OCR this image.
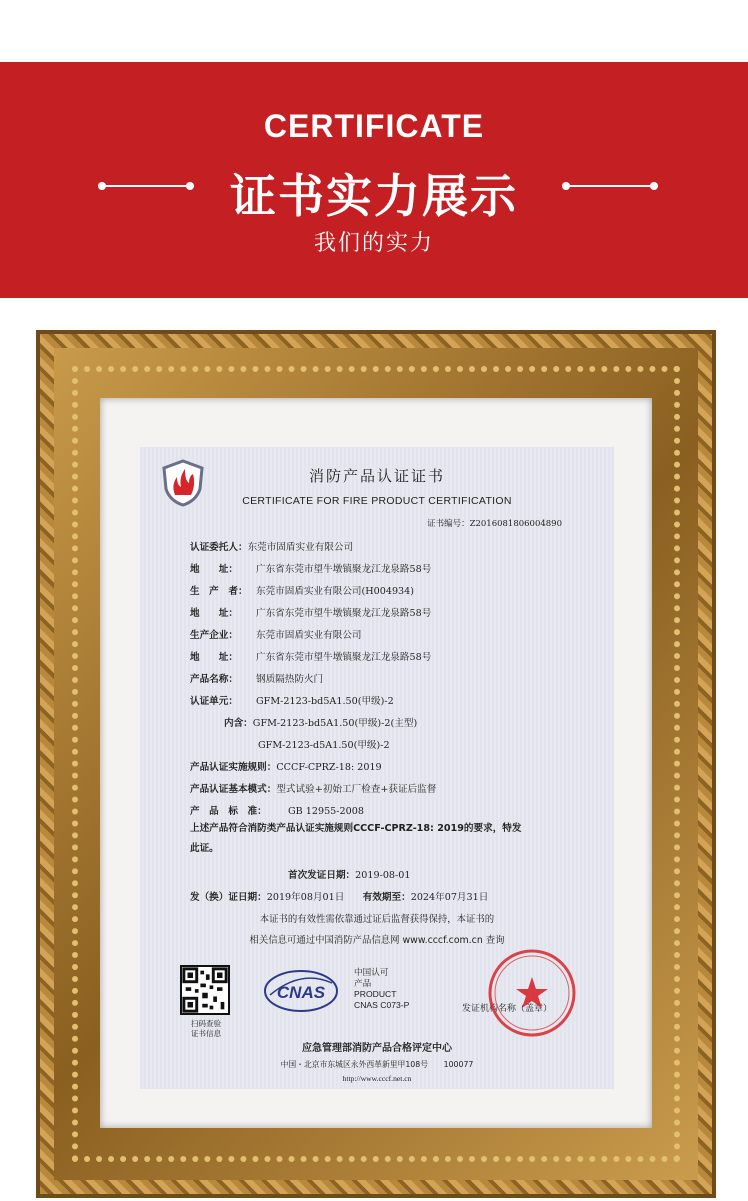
CERTIFICATE
证书实力展示
我们的实力
消防产品认证证书
CERTIFICATE FOR FIRE PRODUCT CERTIFICATION
证书编号：Z2016081806004890
认证委托人：东莞市固盾实业有限公司
地　　址： 广东省东莞市望牛墩镇聚龙江龙泉路58号
生　产　者： 东莞市固盾实业有限公司(H004934)
地　　址： 广东省东莞市望牛墩镇聚龙江龙泉路58号
生产企业： 东莞市固盾实业有限公司
地　　址： 广东省东莞市望牛墩镇聚龙江龙泉路58号
产品名称： 钢质隔热防火门
认证单元： GFM-2123-bd5A1.50(甲级)-2
内含：GFM-2123-bd5A1.50(甲级)-2(主型)
GFM-2123-d5A1.50(甲级)-2
产品认证实施规则：CCCF-CPRZ-18: 2019
产品认证基本模式：型式试验+初始工厂检查+获证后监督
产　品　标　准： GB 12955-2008
上述产品符合消防类产品认证实施规则CCCF-CPRZ-18: 2019的要求，特发
此证。
首次发证日期：2019-08-01
发（换）证日期：2019年08月01日 有效期至：2024年07月31日
本证书的有效性需依靠通过证后监督获得保持，本证书的
相关信息可通过中国消防产品信息网 www.cccf.com.cn 查询
扫码查验
证书信息
CNAS
中国认可
产品
PRODUCT
CNAS C073-P	发证机构名称（盖章）
应急管理部消防产品合格评定中心
中国・北京市东城区永外西革新里甲108号　　100077
http://www.cccf.net.cn
